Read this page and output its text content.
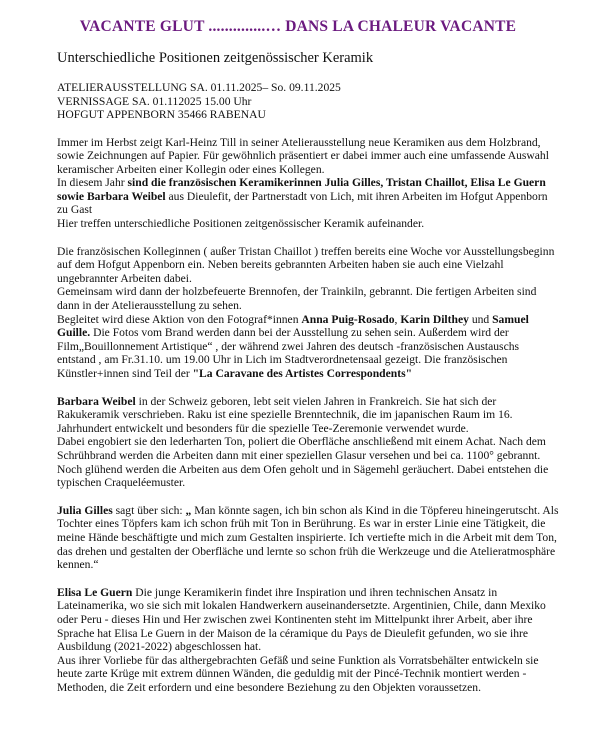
VACANTE GLUT ..............… DANS LA CHALEUR VACANTE
Unterschiedliche Positionen zeitgenössischer Keramik
ATELIERAUSSTELLUNG SA. 01.11.2025– So. 09.11.2025
VERNISSAGE SA. 01.112025 15.00 Uhr
HOFGUT APPENBORN 35466 RABENAU

Immer im Herbst zeigt Karl-Heinz Till in seiner Atelierausstellung neue Keramiken aus dem Holzbrand, sowie Zeichnungen auf Papier. Für gewöhnlich präsentiert er dabei immer auch eine umfassende Auswahl keramischer Arbeiten einer Kollegin oder eines Kollegen.

In diesem Jahr sind die französischen Keramikerinnen Julia Gilles, Tristan Chaillot, Elisa Le Guern sowie Barbara Weibel aus Dieulefit, der Partnerstadt von Lich, mit ihren Arbeiten im Hofgut Appenborn zu Gast

Hier treffen unterschiedliche Positionen zeitgenössischer Keramik aufeinander.

Die französischen Kolleginnen ( außer Tristan Chaillot ) treffen bereits eine Woche vor Ausstellungsbeginn auf dem Hofgut Appenborn ein. Neben bereits gebrannten Arbeiten haben sie auch eine Vielzahl ungebrannter Arbeiten dabei.

Gemeinsam wird dann der holzbefeuerte Brennofen, der Trainkiln, gebrannt. Die fertigen Arbeiten sind dann in der Atelierausstellung zu sehen.

Begleitet wird diese Aktion von den Fotograf*innen Anna Puig-Rosado, Karin Dilthey und Samuel Guille. Die Fotos vom Brand werden dann bei der Ausstellung zu sehen sein. Außerdem wird der Film„Bouillonnement Artistique“ , der während zwei Jahren des deutsch -französischen Austauschs entstand , am Fr.31.10. um 19.00 Uhr in Lich im Stadtverordnetensaal gezeigt. Die französischen Künstler+innen sind Teil der "La Caravane des Artistes Correspondents"

Barbara Weibel in der Schweiz geboren, lebt seit vielen Jahren in Frankreich. Sie hat sich der Rakukeramik verschrieben. Raku ist eine spezielle Brenntechnik, die im japanischen Raum im 16. Jahrhundert entwickelt und besonders für die spezielle Tee-Zeremonie verwendet wurde.

Dabei engobiert sie den lederharten Ton, poliert die Oberfläche anschließend mit einem Achat. Nach dem Schrühbrand werden die Arbeiten dann mit einer speziellen Glasur versehen und bei ca. 1100° gebrannt. Noch glühend werden die Arbeiten aus dem Ofen geholt und in Sägemehl geräuchert. Dabei entstehen die typischen Craqueléemuster.

Julia Gilles sagt über sich: „ Man könnte sagen, ich bin schon als Kind in die Töpfereu hineingerutscht. Als Tochter eines Töpfers kam ich schon früh mit Ton in Berührung. Es war in erster Linie eine Tätigkeit, die meine Hände beschäftigte und mich zum Gestalten inspirierte. Ich vertiefte mich in die Arbeit mit dem Ton, das drehen und gestalten der Oberfläche und lernte so schon früh die Werkzeuge und die Atelieratmosphäre kennen.“

Elisa Le Guern Die junge Keramikerin findet ihre Inspiration und ihren technischen Ansatz in Lateinamerika, wo sie sich mit lokalen Handwerkern auseinandersetzte. Argentinien, Chile, dann Mexiko oder Peru - dieses Hin und Her zwischen zwei Kontinenten steht im Mittelpunkt ihrer Arbeit, aber ihre Sprache hat Elisa Le Guern in der Maison de la céramique du Pays de Dieulefit gefunden, wo sie ihre Ausbildung (2021-2022) abgeschlossen hat.

Aus ihrer Vorliebe für das althergebrachten Gefäß und seine Funktion als Vorratsbehälter entwickeln sie heute zarte Krüge mit extrem dünnen Wänden, die geduldig mit der Pincé-Technik montiert werden - Methoden, die Zeit erfordern und eine besondere Beziehung zu den Objekten voraussetzen.
